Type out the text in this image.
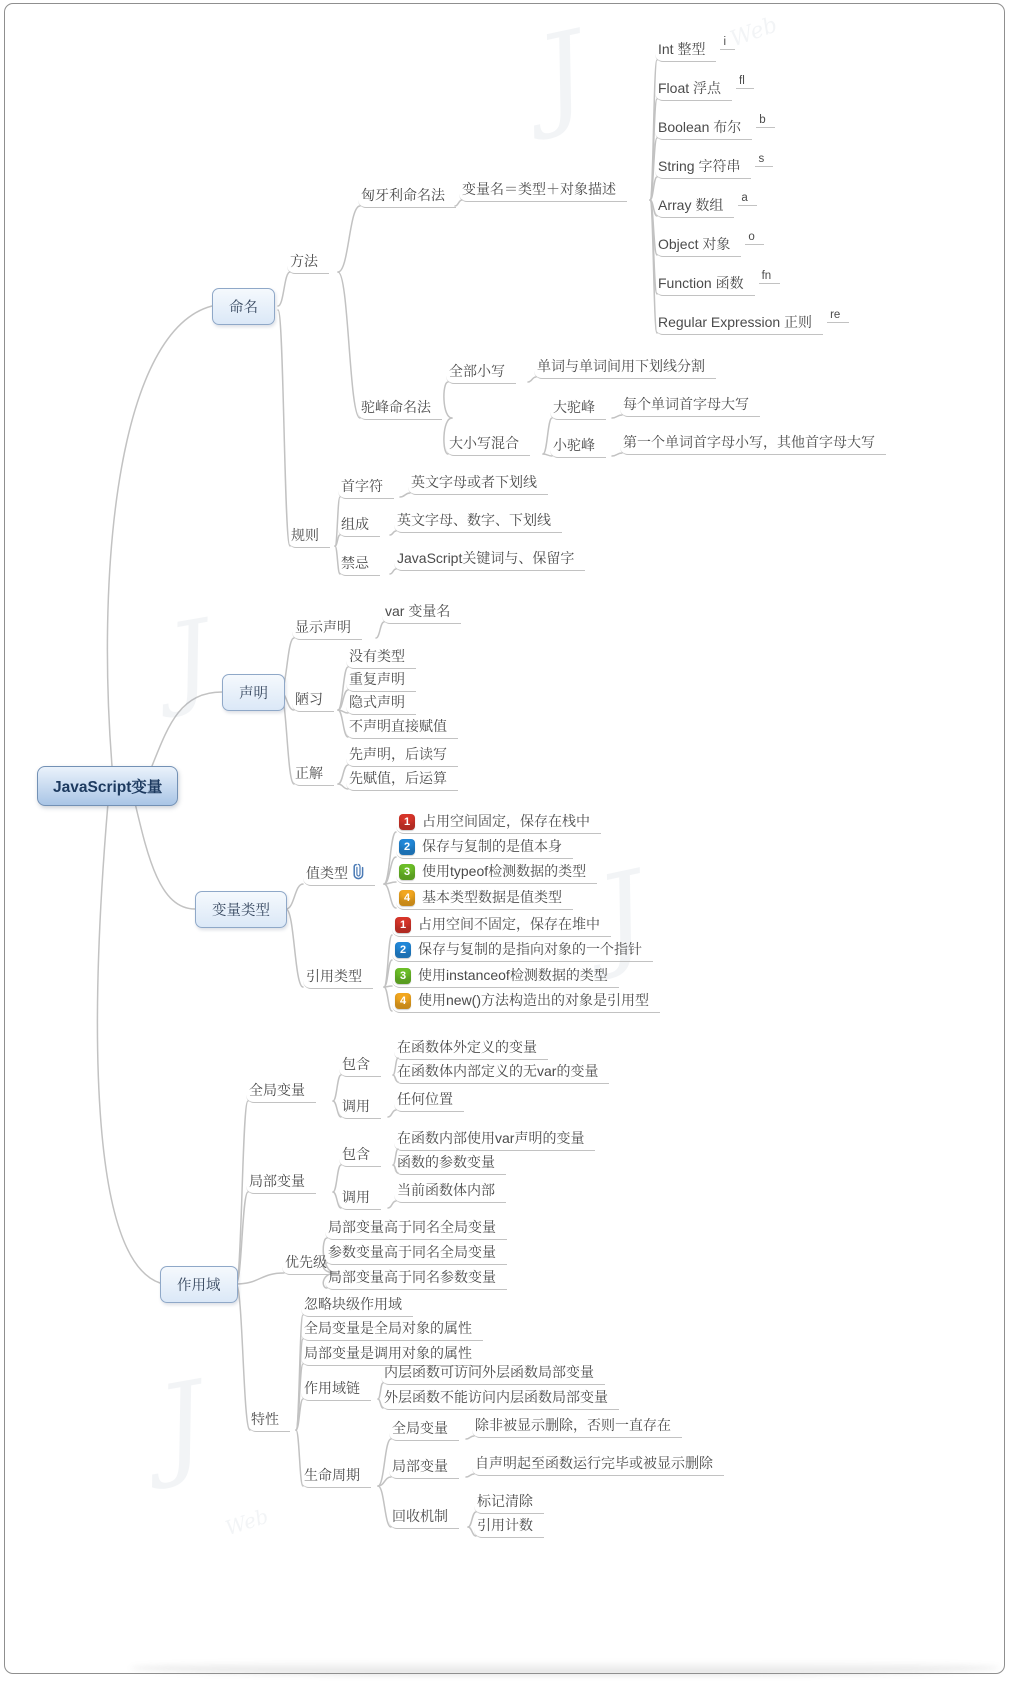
J	Web
J
J
J
Web
JavaScript变量
命名
方法
匈牙利命名法	变量名＝类型＋对象描述
Int 整型 i
Float 浮点 fl
Boolean 布尔 b
String 字符串 s
Array 数组 a
Object 对象 o
Function 函数 fn
Regular Expression 正则 re
驼峰命名法
全部小写	单词与单词间用下划线分割
大小写混合
大驼峰	每个单词首字母大写
小驼峰	第一个单词首字母小写，其他首字母大写
规则
首字符	英文字母或者下划线
组成	英文字母、数字、下划线
禁忌	JavaScript关键词与、保留字
声明
显示声明
var 变量名
陋习
没有类型
重复声明
隐式声明
不声明直接赋值
正解
先声明，后读写
先赋值，后运算
变量类型
值类型
1 占用空间固定，保存在栈中
2 保存与复制的是值本身
3 使用typeof检测数据的类型
4 基本类型数据是值类型
引用类型
1 占用空间不固定，保存在堆中
2 保存与复制的是指向对象的一个指针
3 使用instanceof检测数据的类型
4 使用new()方法构造出的对象是引用型
作用域
全局变量
包含
在函数体外定义的变量
在函数体内部定义的无var的变量
调用	任何位置
局部变量
包含
在函数内部使用var声明的变量
函数的参数变量
调用	当前函数体内部
优先级
局部变量高于同名全局变量
参数变量高于同名全局变量
局部变量高于同名参数变量
特性
忽略块级作用域
全局变量是全局对象的属性
局部变量是调用对象的属性
作用域链
内层函数可访问外层函数局部变量
外层函数不能访问内层函数局部变量
生命周期
全局变量	除非被显示删除，否则一直存在
局部变量	自声明起至函数运行完毕或被显示删除
回收机制
标记清除
引用计数
